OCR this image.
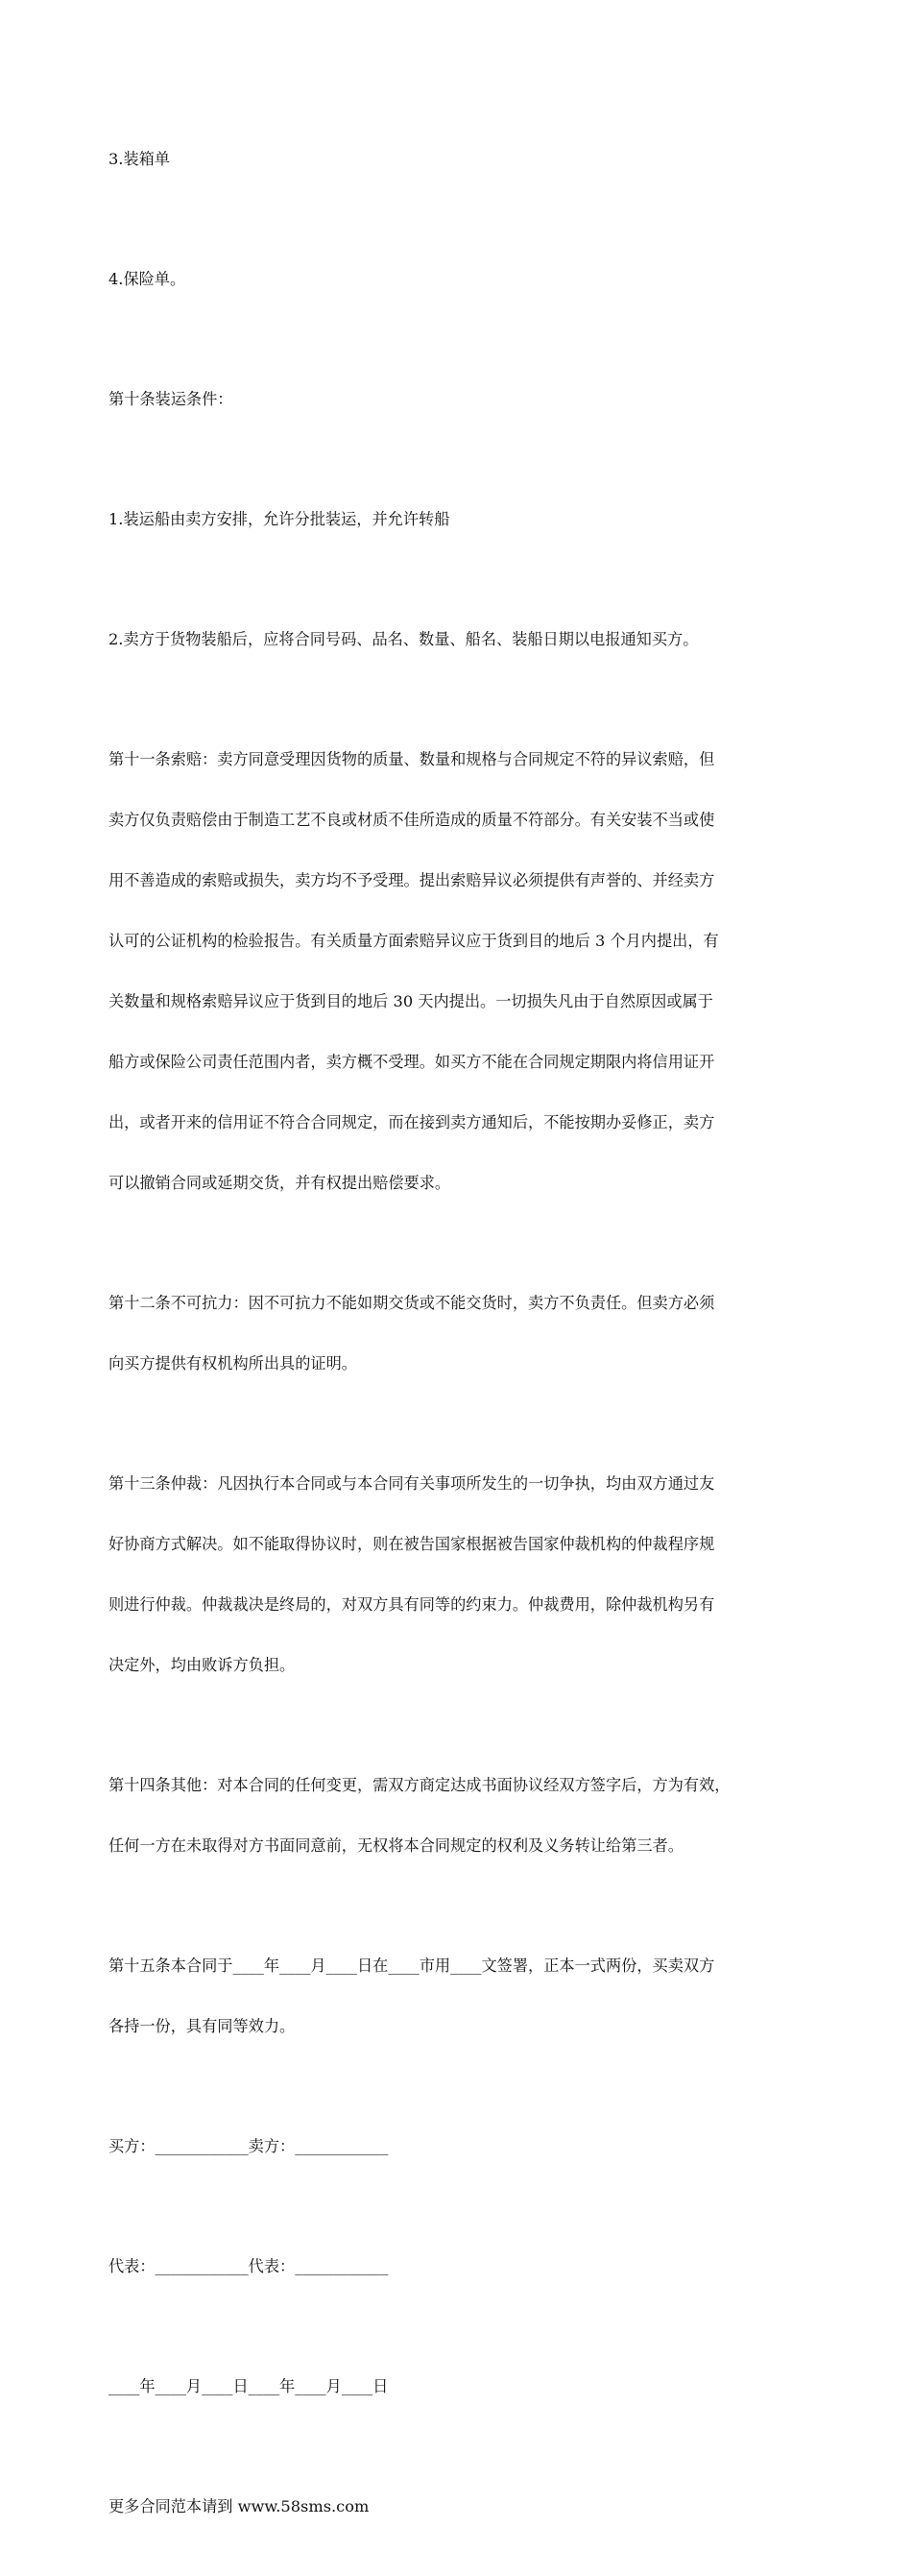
3.装箱单

4.保险单。

第十条装运条件：

1.装运船由卖方安排，允许分批装运，并允许转船

2.卖方于货物装船后，应将合同号码、品名、数量、船名、装船日期以电报通知买方。

第十一条索赔：卖方同意受理因货物的质量、数量和规格与合同规定不符的异议索赔，但

卖方仅负责赔偿由于制造工艺不良或材质不佳所造成的质量不符部分。有关安装不当或使

用不善造成的索赔或损失，卖方均不予受理。提出索赔异议必须提供有声誉的、并经卖方

认可的公证机构的检验报告。有关质量方面索赔异议应于货到目的地后 3 个月内提出，有

关数量和规格索赔异议应于货到目的地后 30 天内提出。一切损失凡由于自然原因或属于

船方或保险公司责任范围内者，卖方概不受理。如买方不能在合同规定期限内将信用证开

出，或者开来的信用证不符合合同规定，而在接到卖方通知后，不能按期办妥修正，卖方

可以撤销合同或延期交货，并有权提出赔偿要求。

第十二条不可抗力：因不可抗力不能如期交货或不能交货时，卖方不负责任。但卖方必须

向买方提供有权机构所出具的证明。

第十三条仲裁：凡因执行本合同或与本合同有关事项所发生的一切争执，均由双方通过友

好协商方式解决。如不能取得协议时，则在被告国家根据被告国家仲裁机构的仲裁程序规

则进行仲裁。仲裁裁决是终局的，对双方具有同等的约束力。仲裁费用，除仲裁机构另有

决定外，均由败诉方负担。

第十四条其他：对本合同的任何变更，需双方商定达成书面协议经双方签字后，方为有效，

任何一方在未取得对方书面同意前，无权将本合同规定的权利及义务转让给第三者。

第十五条本合同于____年____月____日在____市用____文签署，正本一式两份，买卖双方

各持一份，具有同等效力。

买方：____________卖方：____________

代表：____________代表：____________

____年____月____日____年____月____日

更多合同范本请到 www.58sms.com
